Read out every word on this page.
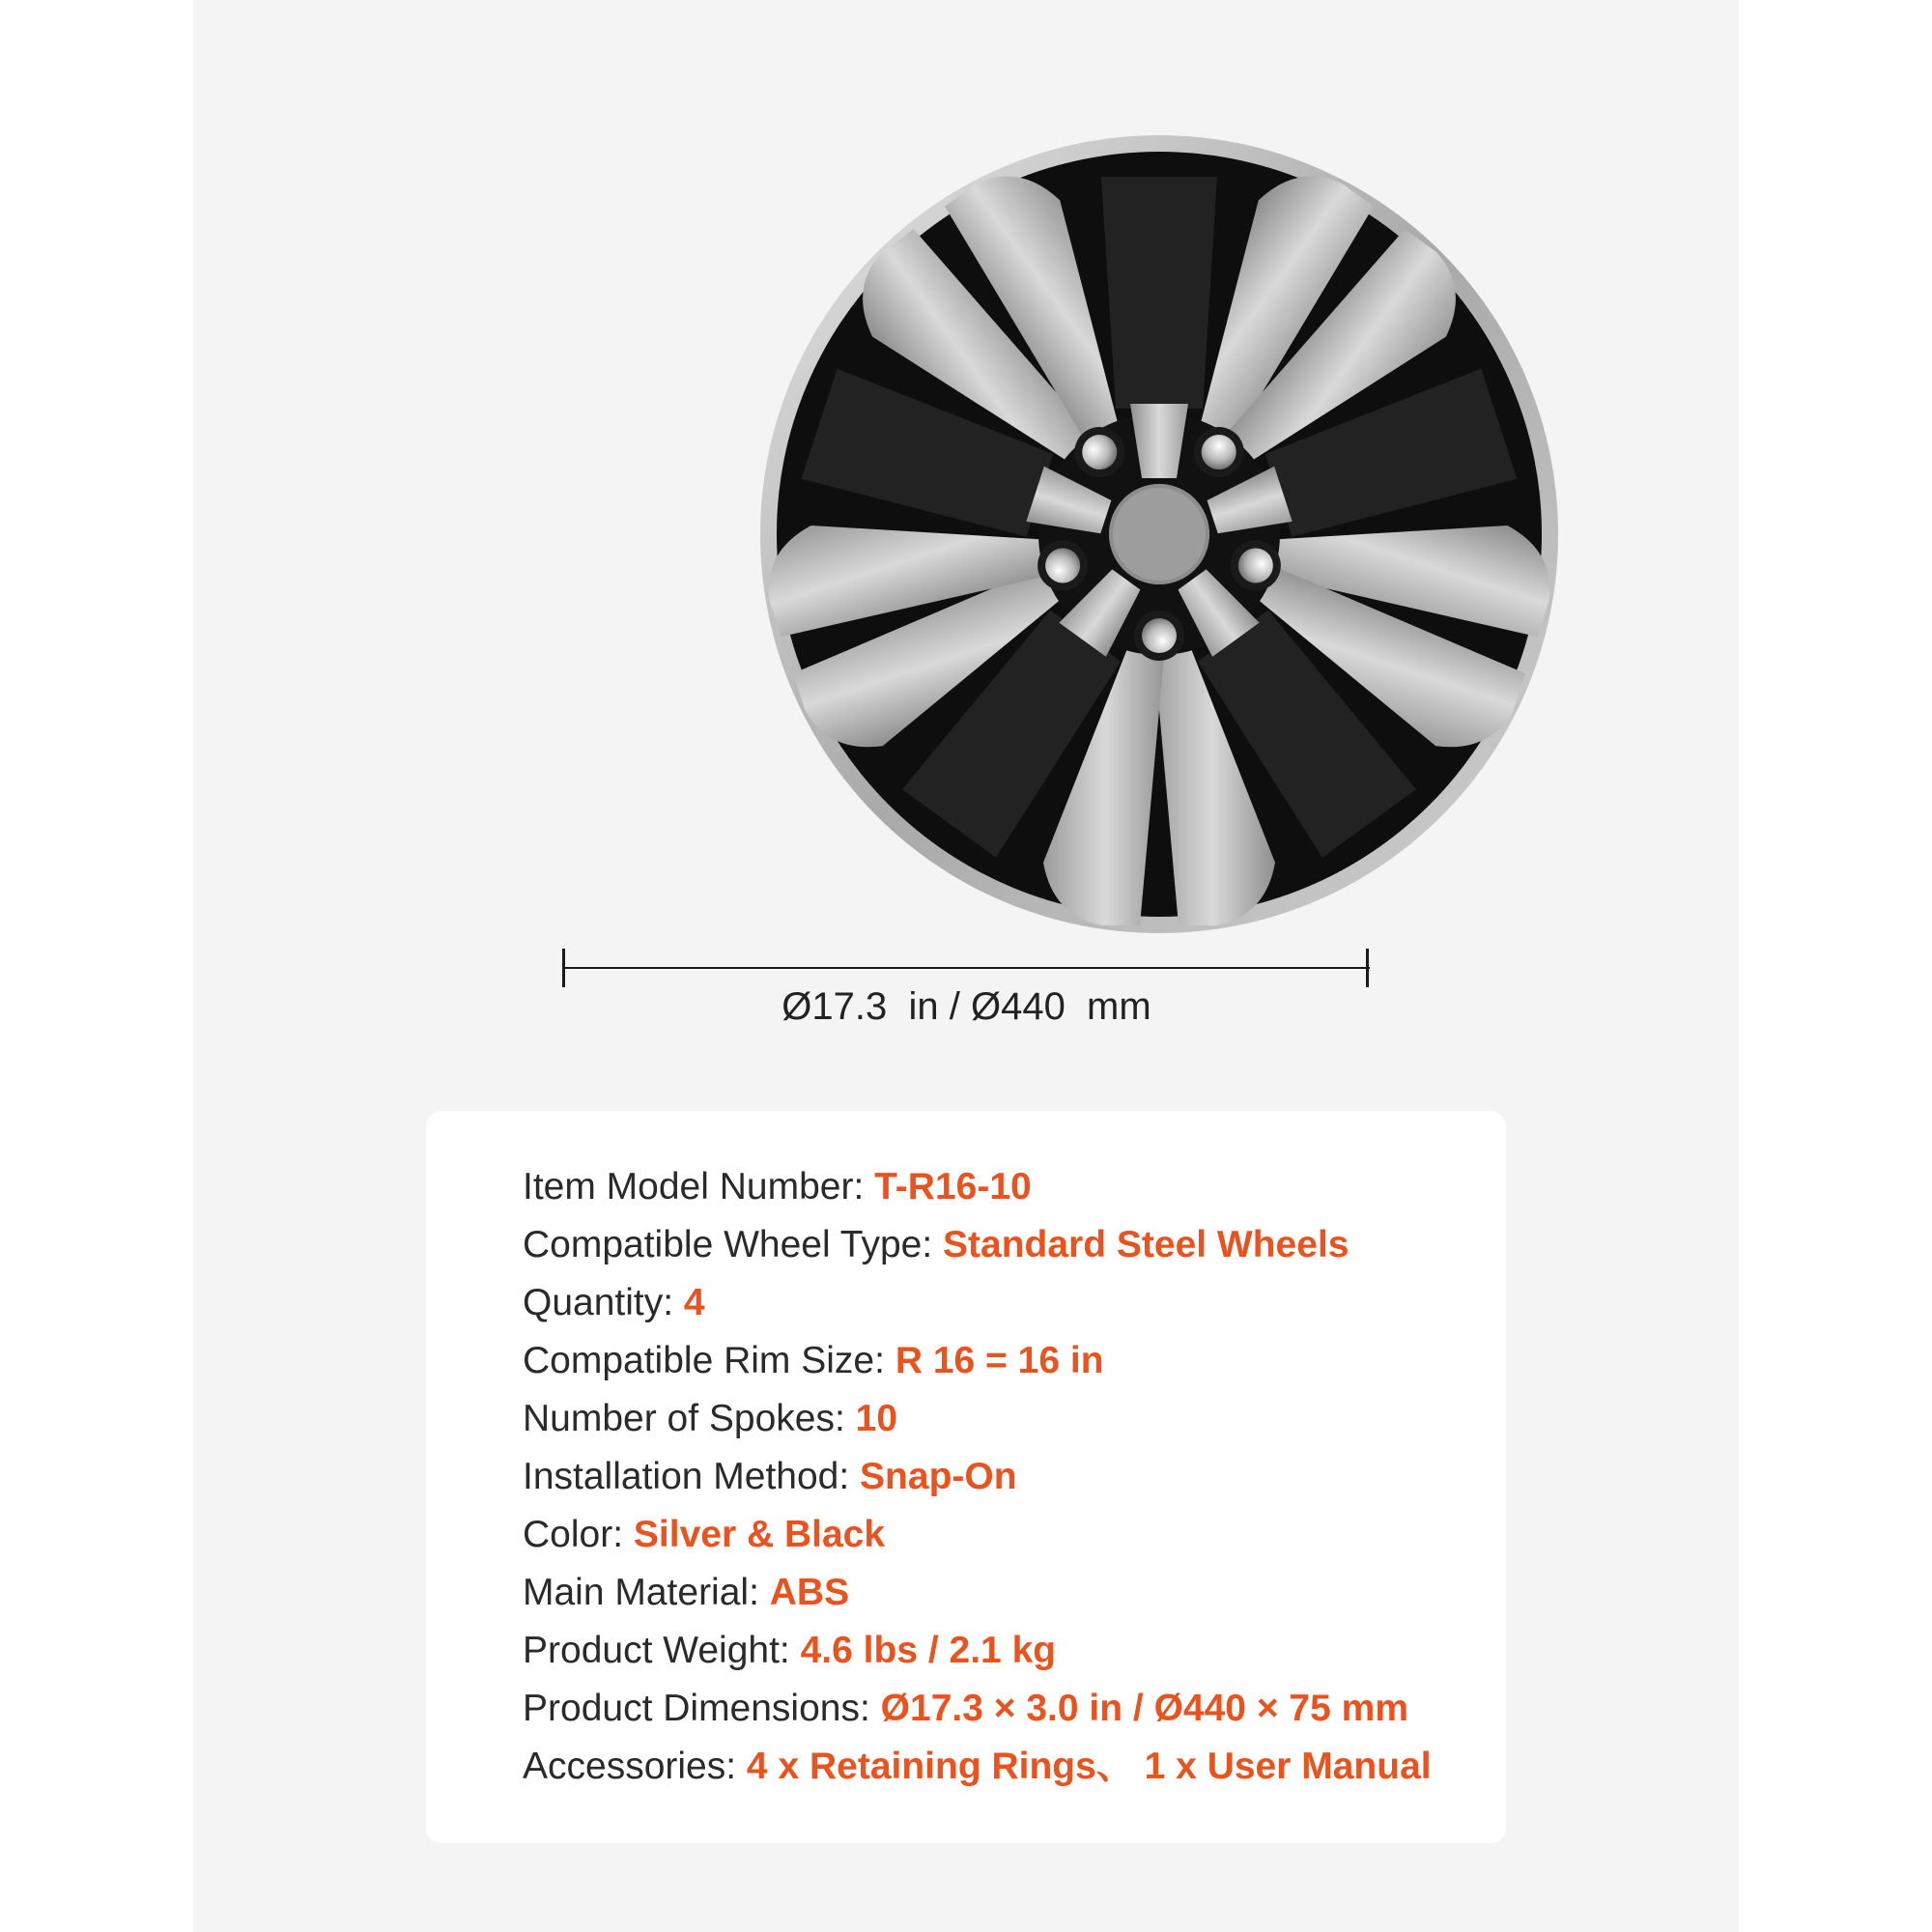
Ø17.3  in / Ø440  mm
Item Model Number: T-R16-10
Compatible Wheel Type: Standard Steel Wheels
Quantity: 4
Compatible Rim Size: R 16 = 16 in
Number of Spokes: 10
Installation Method: Snap-On
Color: Silver & Black
Main Material: ABS
Product Weight: 4.6 lbs / 2.1 kg
Product Dimensions: Ø17.3 × 3.0 in / Ø440 × 75 mm
Accessories: 4 x Retaining Rings、 1 x User Manual
